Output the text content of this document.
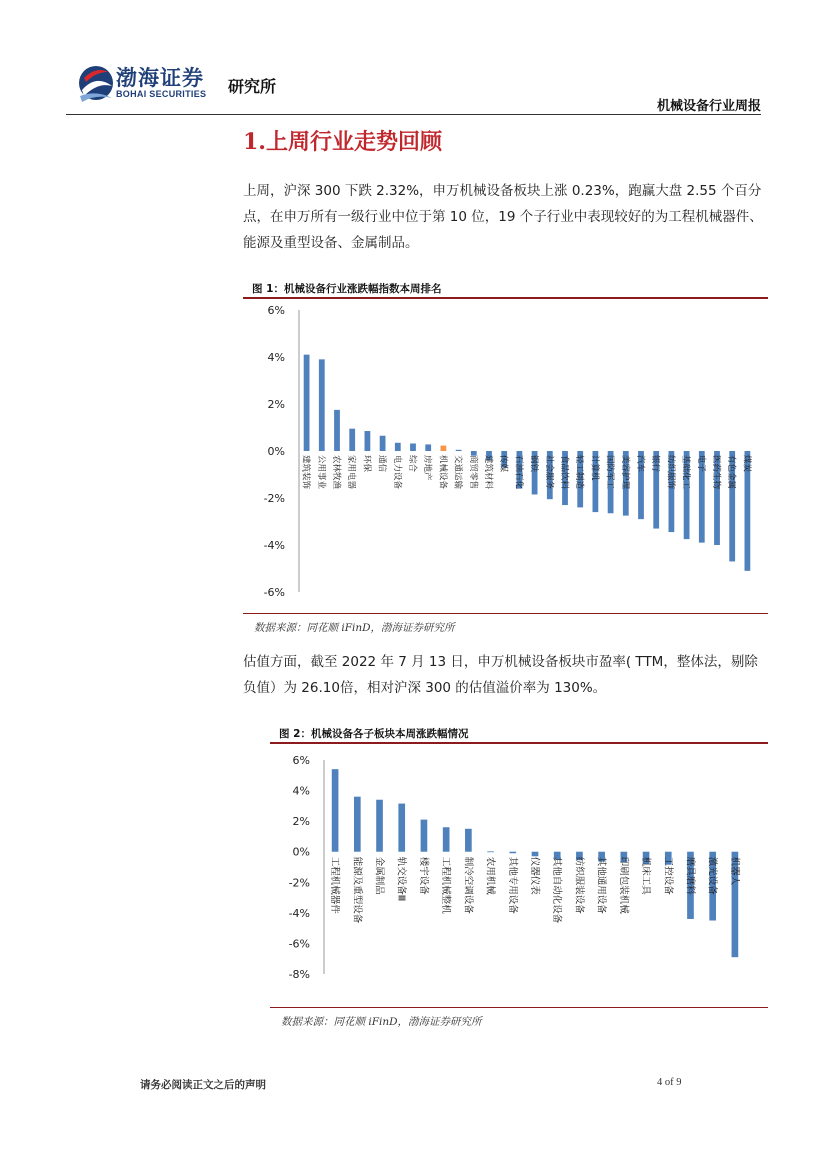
渤海证券
BOHAI SECURITIES 研究所
机械设备行业周报
1.上周行业走势回顾
上周，沪深 300 下跌 2.32%，申万机械设备板块上涨 0.23%，跑赢大盘 2.55 个百分点，在申万所有一级行业中位于第 10 位，19 个子行业中表现较好的为工程机械器件、能源及重型设备、金属制品。
图 1：机械设备行业涨跌幅指数本周排名
6%
4%
2%
0%
-2%
-4%
-6%
建筑装饰 公用事业 农林牧渔 家用电器 环保 通信 电力设备 综合 房地产 机械设备 交通运输 商贸零售 建筑材料 传媒 石油石化 钢铁 社会服务 食品饮料 轻工制造 计算机 国防军工 美容护理 汽车 银行 纺织服饰 基础化工 电子 医药生物 有色金属 煤炭
数据来源：同花顺 iFinD，渤海证券研究所
估值方面，截至 2022 年 7 月 13 日，申万机械设备板块市盈率( TTM，整体法，剔除负值）为 26.10倍，相对沪深 300 的估值溢价率为 130%。
图 2：机械设备各子板块本周涨跌幅情况
6%
4%
2%
0%
-2%
-4%
-6%
-8%
工程机械器件 能源及重型设备 金属制品 轨交设备Ⅲ 楼宇设备 工程机械整机 制冷空调设备 农用机械 其他专用设备 仪器仪表 其他自动化设备 纺织服装设备 其他通用设备 印刷包装机械 机床工具 工控设备 磨具磨料 激光设备 机器人
数据来源：同花顺 iFinD，渤海证券研究所
请务必阅读正文之后的声明	4 of 9
